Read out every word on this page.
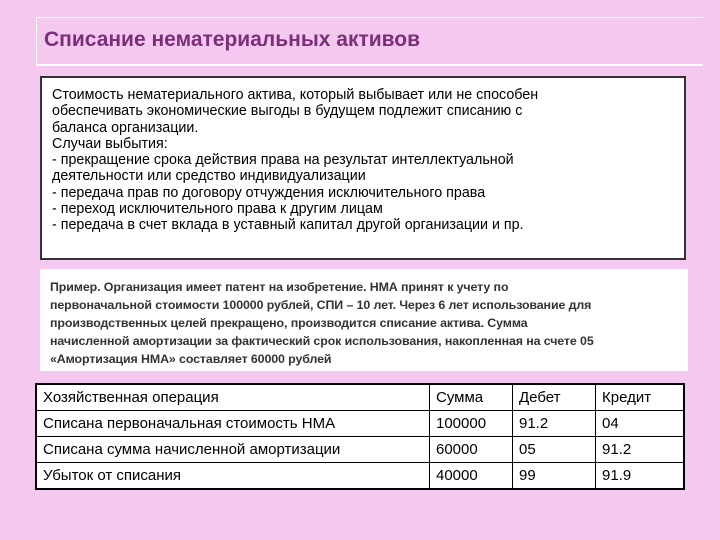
Списание нематериальных активов

Стоимость нематериального актива, который выбывает или не способен

обеспечивать экономические выгоды в будущем подлежит списанию с

баланса организации.

Случаи выбытия:

- прекращение срока действия права на результат интеллектуальной

деятельности или средство индивидуализации

- передача прав по договору отчуждения исключительного права

- переход исключительного права к другим лицам

- передача в счет вклада в уставный капитал другой организации и пр.

Пример. Организация имеет патент на изобретение. НМА принят к учету по

первоначальной стоимости 100000 рублей, СПИ – 10 лет. Через 6 лет использование для

производственных целей прекращено, производится списание актива. Сумма

начисленной амортизации за фактический срок использования, накопленная на счете 05

«Амортизация НМА» составляет 60000 рублей

Хозяйственная операция	Сумма	Дебет	Кредит
Списана первоначальная стоимость НМА	100000	91.2	04
Списана сумма начисленной амортизации	60000	05	91.2
Убыток от списания	40000	99	91.9
